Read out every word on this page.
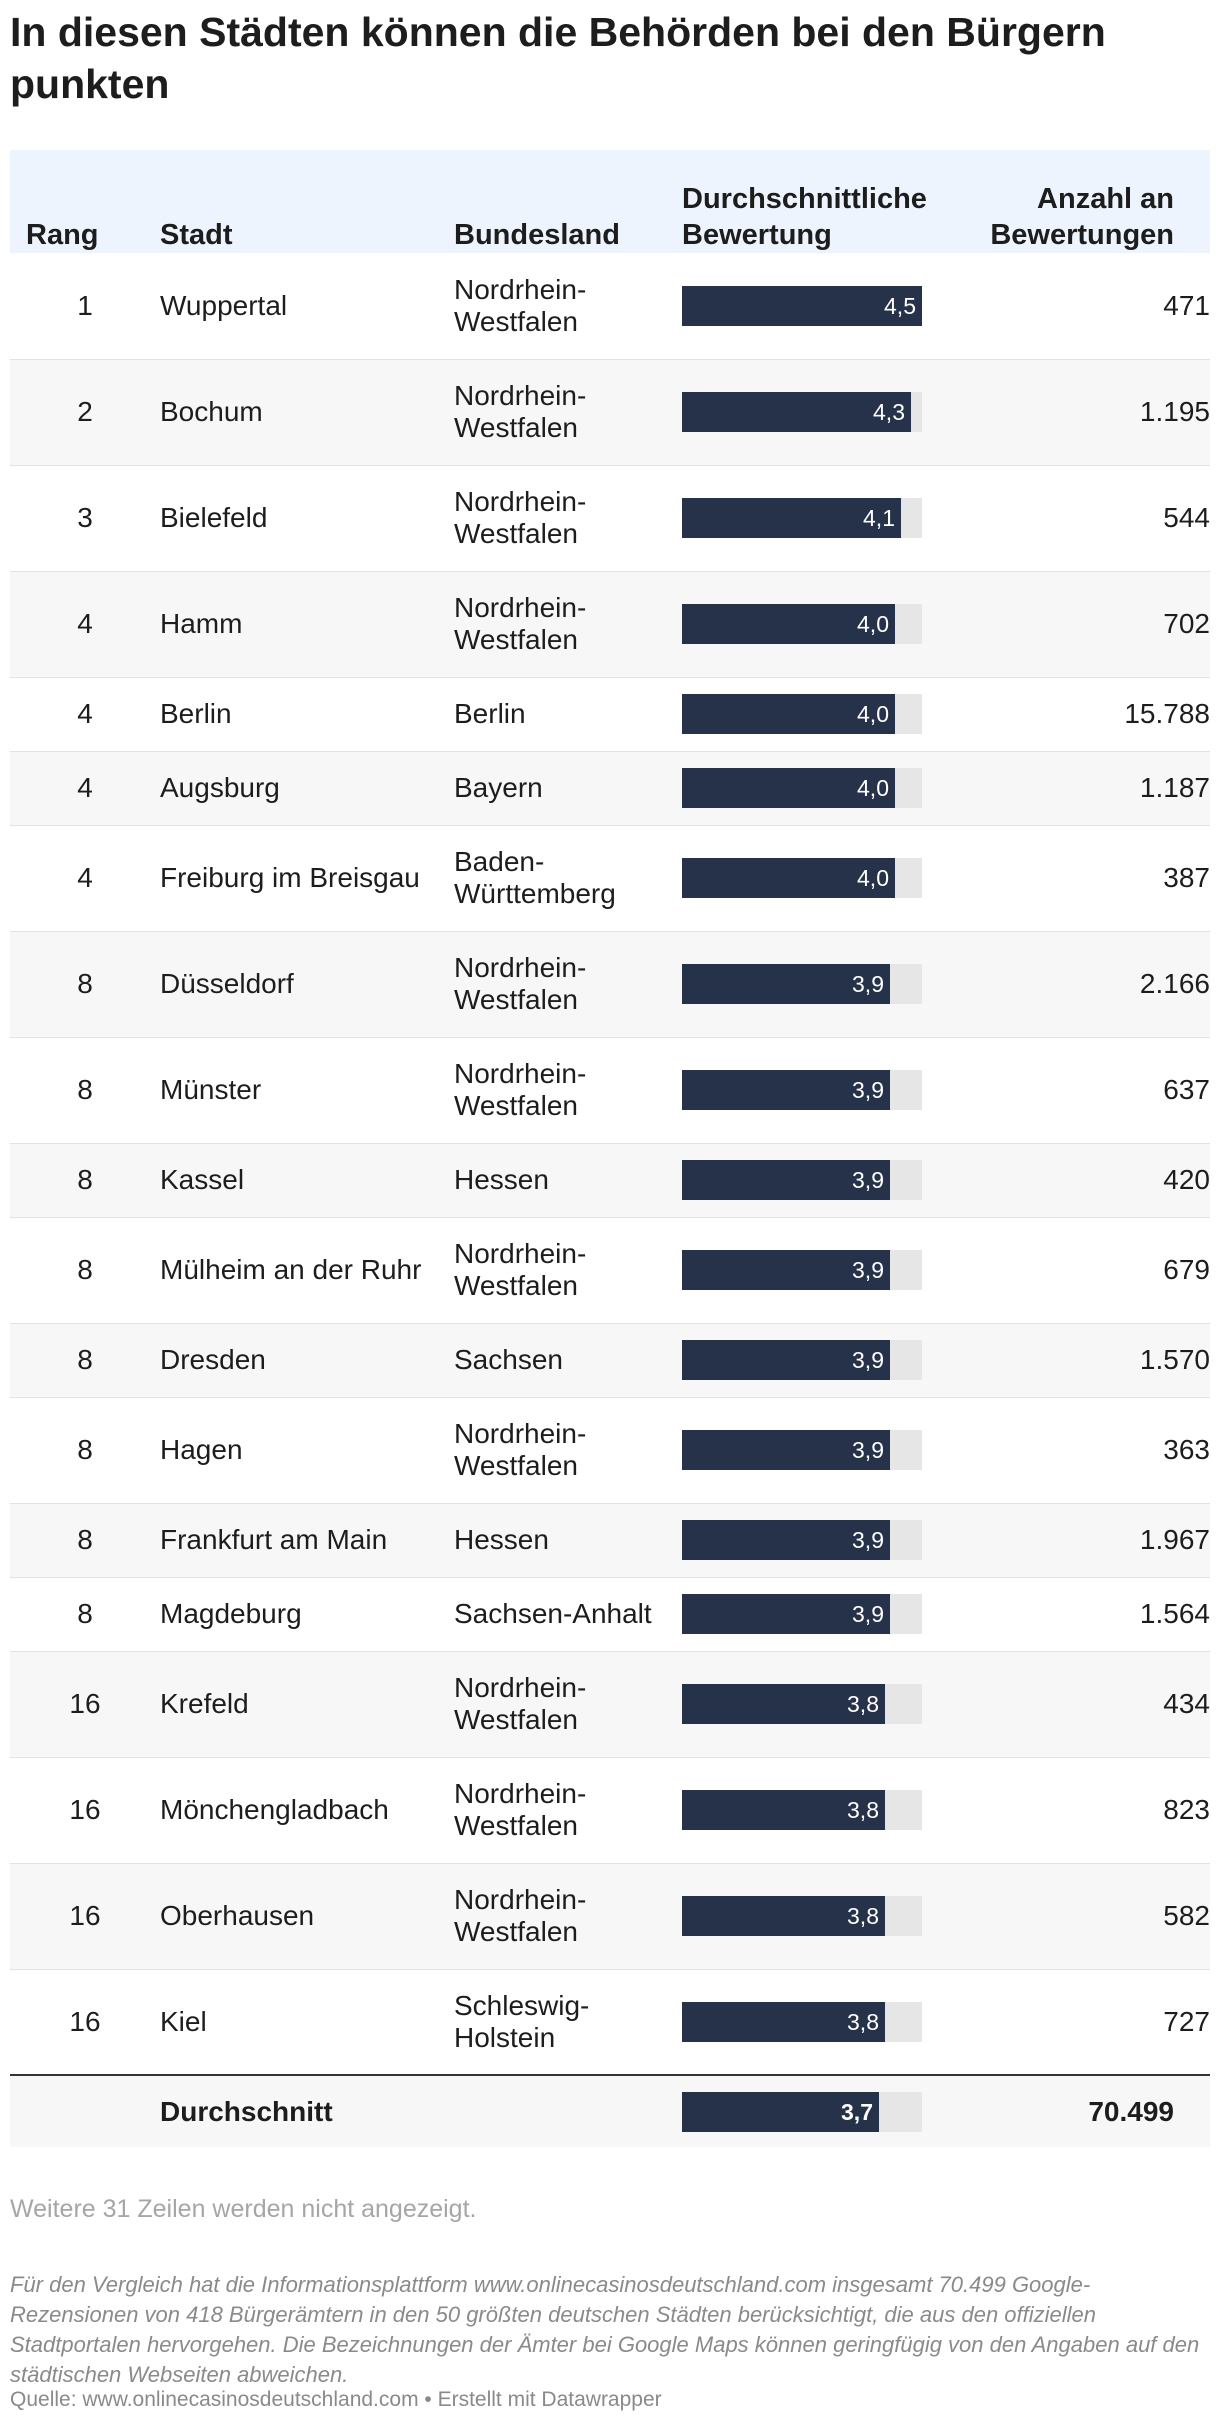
In diesen Städten können die Behörden bei den Bürgern punkten
Rang	Stadt	Bundesland	Durchschnittliche Bewertung	Anzahl an Bewertungen
1	Wuppertal	Nordrhein-Westfalen	4,5	471
2	Bochum	Nordrhein-Westfalen	4,3	1.195
3	Bielefeld	Nordrhein-Westfalen	4,1	544
4	Hamm	Nordrhein-Westfalen	4,0	702
4	Berlin	Berlin	4,0	15.788
4	Augsburg	Bayern	4,0	1.187
4	Freiburg im Breisgau	Baden-Württemberg	4,0	387
8	Düsseldorf	Nordrhein-Westfalen	3,9	2.166
8	Münster	Nordrhein-Westfalen	3,9	637
8	Kassel	Hessen	3,9	420
8	Mülheim an der Ruhr	Nordrhein-Westfalen	3,9	679
8	Dresden	Sachsen	3,9	1.570
8	Hagen	Nordrhein-Westfalen	3,9	363
8	Frankfurt am Main	Hessen	3,9	1.967
8	Magdeburg	Sachsen-Anhalt	3,9	1.564
16	Krefeld	Nordrhein-Westfalen	3,8	434
16	Mönchengladbach	Nordrhein-Westfalen	3,8	823
16	Oberhausen	Nordrhein-Westfalen	3,8	582
16	Kiel	Schleswig-Holstein	3,8	727
	Durchschnitt		3,7	70.499
Weitere 31 Zeilen werden nicht angezeigt.
Für den Vergleich hat die Informationsplattform www.onlinecasinosdeutschland.com insgesamt 70.499 Google-Rezensionen von 418 Bürgerämtern in den 50 größten deutschen Städten berücksichtigt, die aus den offiziellen Stadtportalen hervorgehen. Die Bezeichnungen der Ämter bei Google Maps können geringfügig von den Angaben auf den städtischen Webseiten abweichen.
Quelle: www.onlinecasinosdeutschland.com • Erstellt mit Datawrapper
